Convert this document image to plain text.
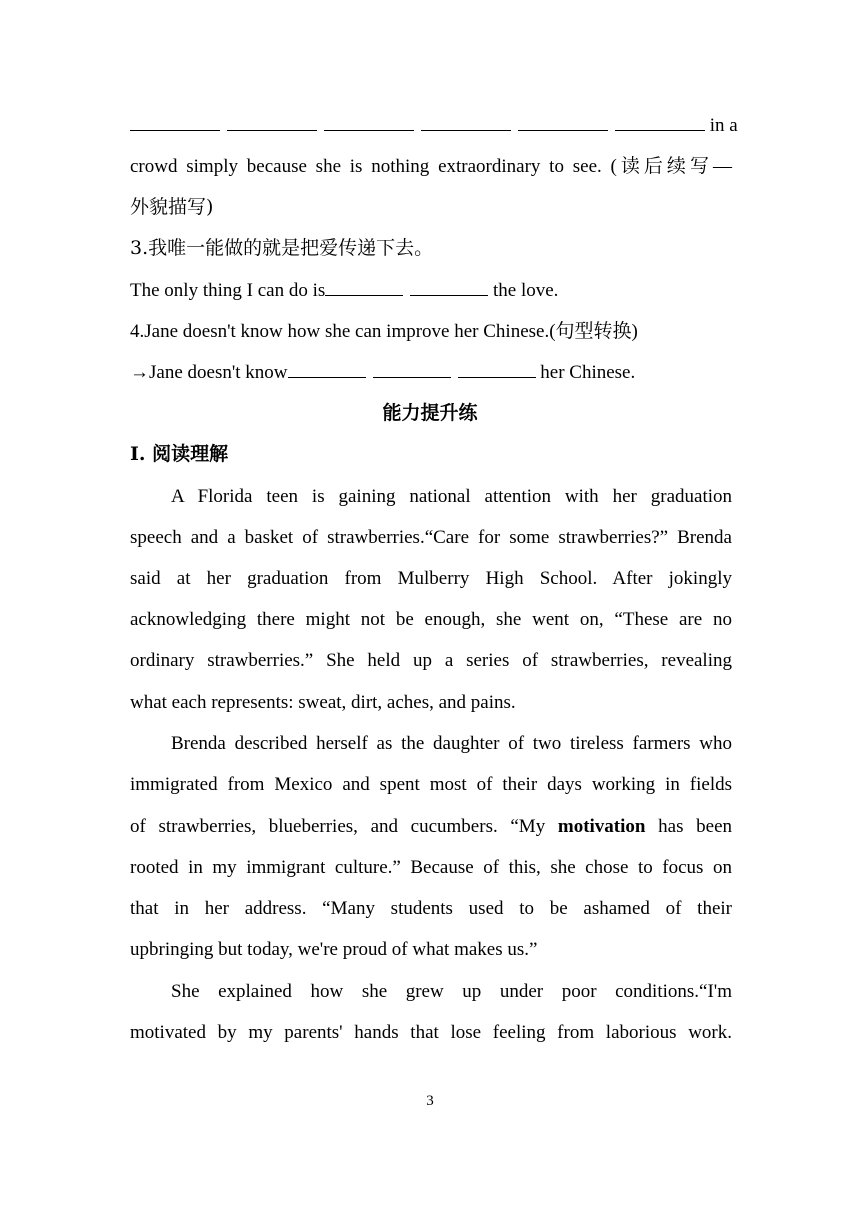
in a
crowd simply because she is nothing extraordinary to see. (读后续写—
外貌描写)
3.我唯一能做的就是把爱传递下去。
The only thing I can do is	the love.
4.Jane doesn't know how she can improve her Chinese.(句型转换)
→Jane doesn't know	her Chinese.
能力提升练
Ⅰ. 阅读理解
A Florida teen is gaining national attention with her graduation
speech and a basket of strawberries.“Care for some strawberries?” Brenda
said at her graduation from Mulberry High School. After jokingly
acknowledging there might not be enough, she went on, “These are no
ordinary strawberries.” She held up a series of strawberries, revealing
what each represents: sweat, dirt, aches, and pains.
Brenda described herself as the daughter of two tireless farmers who
immigrated from Mexico and spent most of their days working in fields
of strawberries, blueberries, and cucumbers. “My motivation has been
rooted in my immigrant culture.” Because of this, she chose to focus on
that in her address. “Many students used to be ashamed of their
upbringing but today, we're proud of what makes us.”
She explained how she grew up under poor conditions.“I'm
motivated by my parents' hands that lose feeling from laborious work.
3
